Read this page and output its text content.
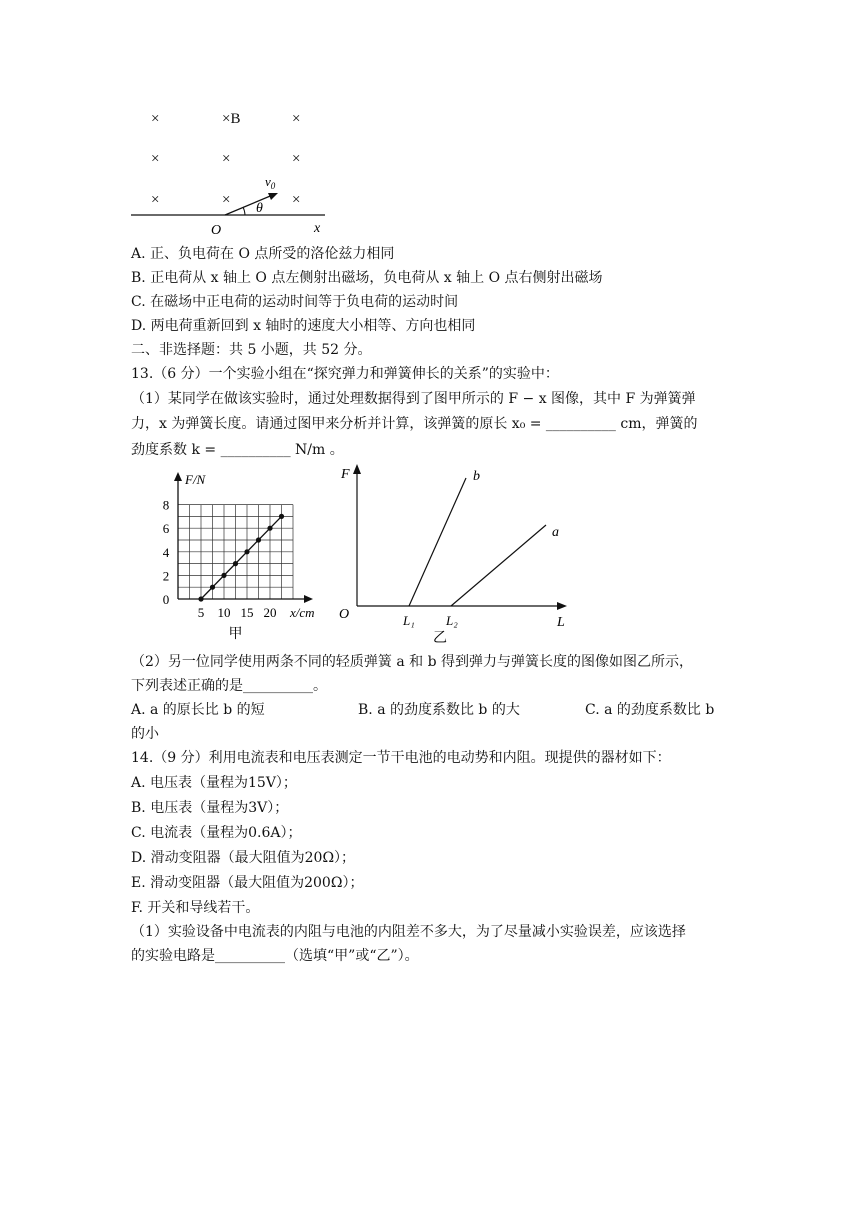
×	×B	×
×	×	×
×	×	×
$v_0$
θ
O	x
A. 正、负电荷在 O 点所受的洛伦兹力相同
B. 正电荷从 x 轴上 O 点左侧射出磁场，负电荷从 x 轴上 O 点右侧射出磁场
C. 在磁场中正电荷的运动时间等于负电荷的运动时间
D. 两电荷重新回到 x 轴时的速度大小相等、方向也相同
二、非选择题：共 5 小题，共 52 分。
13.（6 分）一个实验小组在“探究弹力和弹簧伸长的关系”的实验中：
（1）某同学在做该实验时，通过处理数据得到了图甲所示的 F − x 图像，其中 F 为弹簧弹
力，x 为弹簧长度。请通过图甲来分析并计算，该弹簧的原长 x₀ = __________ cm，弹簧的
劲度系数 k = __________ N/m 。
0
2
4
6
8
5 10 15 20
F/N
x/cm
甲
F
O
L
b
a
L₁ L₂
乙
（2）另一位同学使用两条不同的轻质弹簧 a 和 b 得到弹力与弹簧长度的图像如图乙所示，
下列表述正确的是__________。
A. a 的原长比 b 的短	B. a 的劲度系数比 b 的大	C. a 的劲度系数比 b
的小
14.（9 分）利用电流表和电压表测定一节干电池的电动势和内阻。现提供的器材如下：
A. 电压表（量程为15V）；
B. 电压表（量程为3V）；
C. 电流表（量程为0.6A）；
D. 滑动变阻器（最大阻值为20Ω）；
E. 滑动变阻器（最大阻值为200Ω）；
F. 开关和导线若干。
（1）实验设备中电流表的内阻与电池的内阻差不多大，为了尽量减小实验误差，应该选择
的实验电路是__________（选填“甲”或“乙”）。
